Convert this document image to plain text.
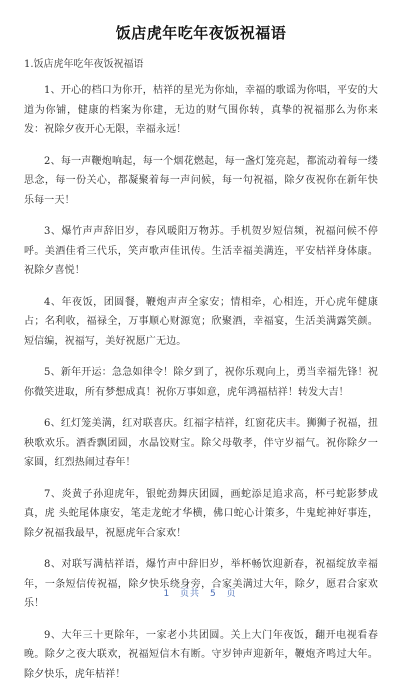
饭店虎年吃年夜饭祝福语
1.饭店虎年吃年夜饭祝福语

1、开心的档口为你开，桔祥的星光为你灿，幸福的歌谣为你唱，平安的大道为你铺，健康的档案为你建，无边的财气围你转，真挚的祝福那么为你来发：祝除夕夜开心无限，幸福永远！

2、每一声鞭炮响起，每一个烟花燃起，每一盏灯笼亮起，都流动着每一缕思念，每一份关心，都凝聚着每一声问候，每一句祝福，除夕夜祝你在新年快乐每一天！

3、爆竹声声辞旧岁，春风暖阳万物苏。手机贺岁短信频，祝福问候不停呼。美酒佳肴三代乐，笑声歌声佳讯传。生活幸福美满连，平安桔祥身体康。祝除夕喜悦！

4、年夜饭，团圆餐，鞭炮声声全家安；情相牵，心相连，开心虎年健康占；名利收，福禄全，万事顺心财源宽；欣聚酒，幸福宴，生活美满露笑颜。短信编，祝福写，美好祝愿广无边。

5、新年开运：急急如律令！除夕到了，祝你乐观向上，勇当幸福先锋！祝你微笑进取，所有梦想成真！祝你万事如意，虎年鸿福桔祥！转发大吉！

6、红灯笼美满，红对联喜庆。红福字桔祥，红窗花庆丰。狮狮子祝福，扭秧歌欢乐。酒香飘团圆，水晶饺财宝。除父母敬孝，伴守岁福气。祝你除夕一家圆，红烈热闹过春年！

7、炎黄子孙迎虎年，银蛇劲舞庆团圆，画蛇添足追求高，杯弓蛇影梦成真，虎 头蛇尾体康安，笔走龙蛇才华横，佛口蛇心计策多，牛鬼蛇神好事连，除夕祝福我最早，祝愿虎年合家欢！

8、对联写满桔祥语，爆竹声中辞旧岁，举杯畅饮迎新春，祝福绽放幸福年，一条短信传祝福，除夕快乐绕身旁，合家美满过大年，除夕，愿君合家欢乐！

9、大年三十更除年，一家老小共团圆。关上大门年夜饭，翻开电视看春晚。除夕之夜大联欢，祝福短信木有断。守岁钟声迎新年，鞭炮齐鸣过大年。除夕快乐，虎年桔祥！

1 页共 5 页
